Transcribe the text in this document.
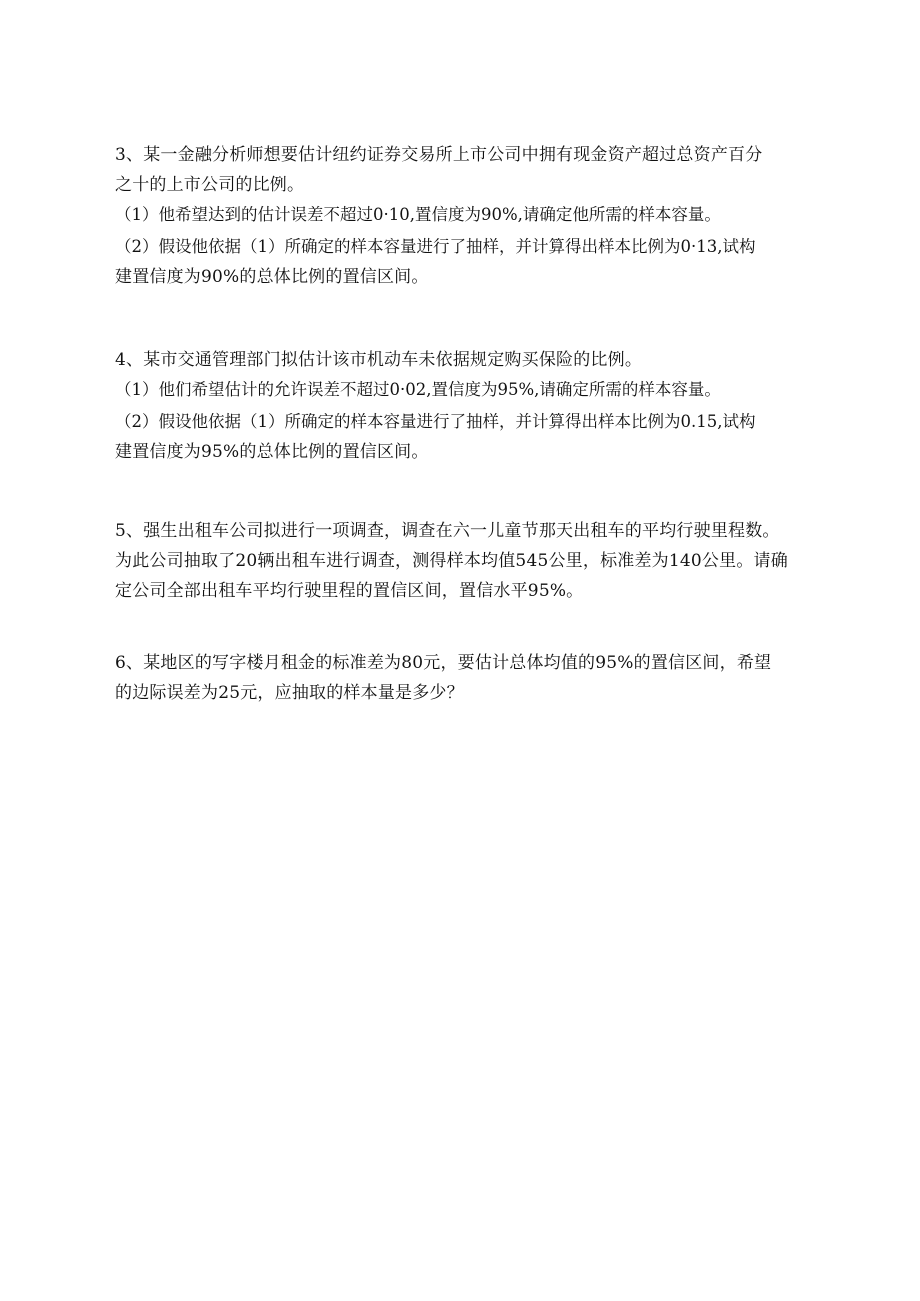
3、某一金融分析师想要估计纽约证券交易所上市公司中拥有现金资产超过总资产百分

之十的上市公司的比例。

（1）他希望达到的估计误差不超过0·10,置信度为90%,请确定他所需的样本容量。

（2）假设他依据（1）所确定的样本容量进行了抽样，并计算得出样本比例为0·13,试构

建置信度为90%的总体比例的置信区间。

4、某市交通管理部门拟估计该市机动车未依据规定购买保险的比例。

（1）他们希望估计的允许误差不超过0·02,置信度为95%,请确定所需的样本容量。

（2）假设他依据（1）所确定的样本容量进行了抽样，并计算得出样本比例为0.15,试构

建置信度为95%的总体比例的置信区间。

5、强生出租车公司拟进行一项调查，调查在六一儿童节那天出租车的平均行驶里程数。

为此公司抽取了20辆出租车进行调查，测得样本均值545公里，标准差为140公里。请确

定公司全部出租车平均行驶里程的置信区间，置信水平95%。

6、某地区的写字楼月租金的标准差为80元，要估计总体均值的95%的置信区间，希望

的边际误差为25元，应抽取的样本量是多少？
